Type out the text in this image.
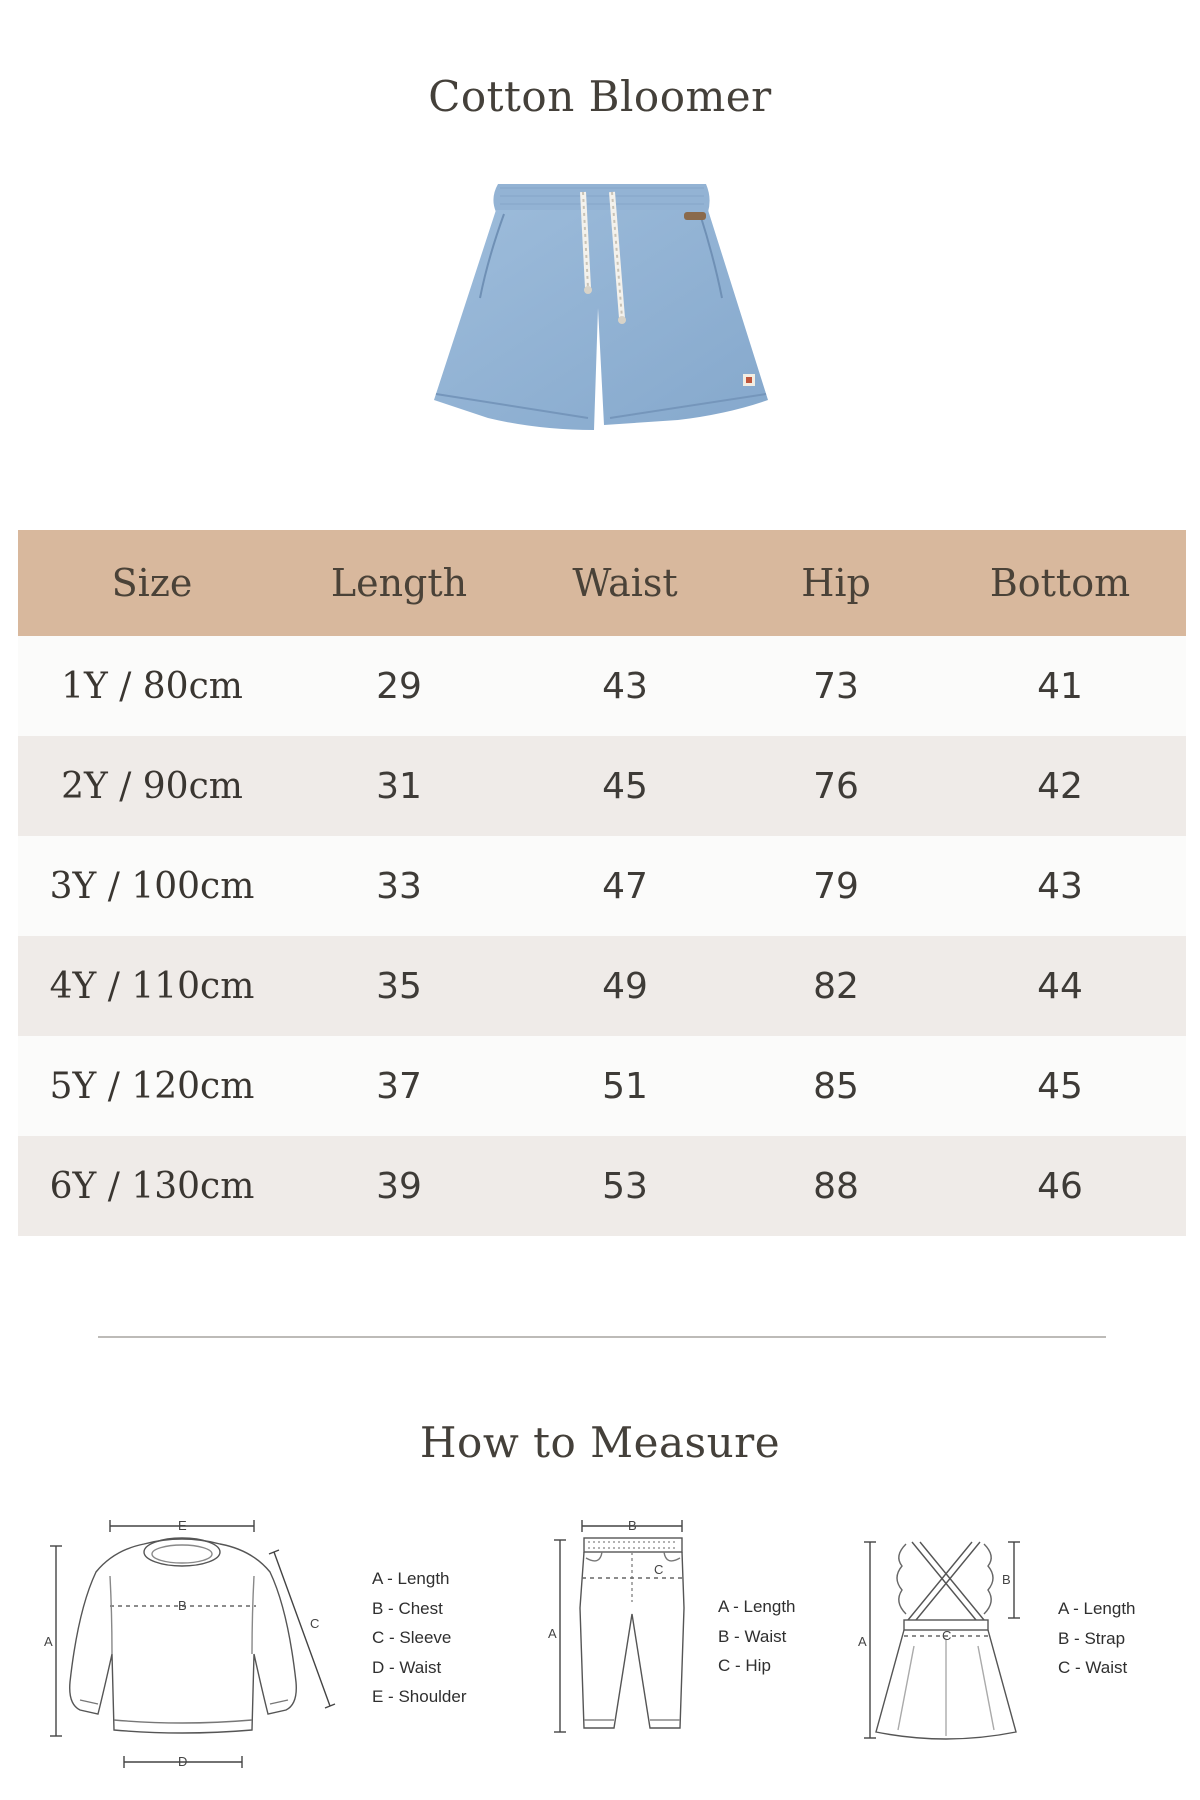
Cotton Bloomer
Size	Length	Waist	Hip	Bottom
1Y / 80cm	29	43	73	41
2Y / 90cm	31	45	76	42
3Y / 100cm	33	47	79	43
4Y / 110cm	35	49	82	44
5Y / 120cm	37	51	85	45
6Y / 130cm	39	53	88	46
How to Measure
E
A
B
C
D
A - Length
B - Chest
C - Sleeve
D - Waist
E - Shoulder
B
A
C
A - Length
B - Waist
C - Hip
A
B
C
A - Length
B - Strap
C - Waist
